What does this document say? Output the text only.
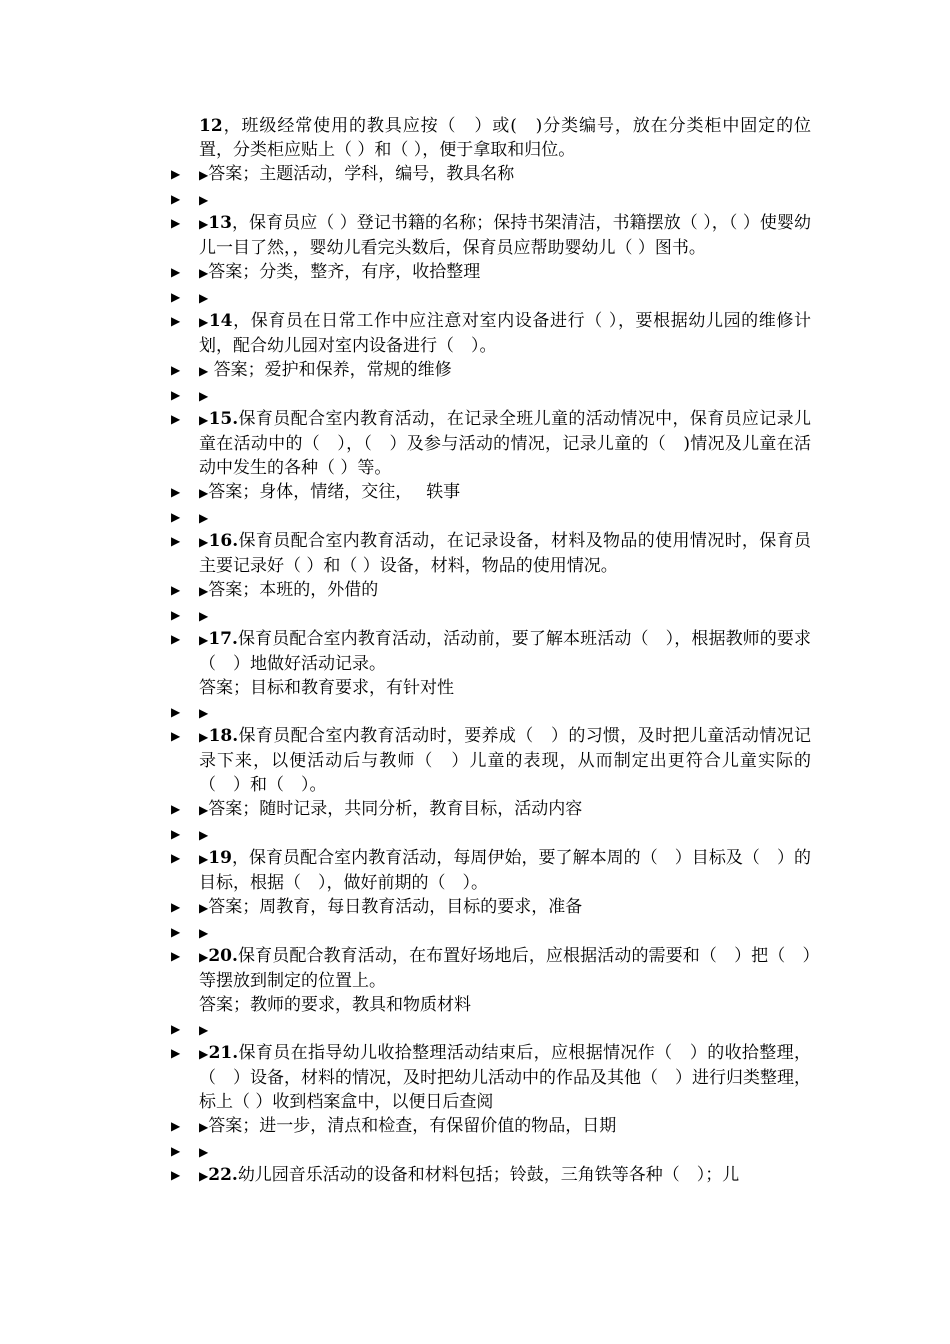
12，班级经常使用的教具应按（　）或(　)分类编号，放在分类柜中固定的位置，分类柜应贴上（ ）和（ ），便于拿取和归位。
▶	▶答案；主题活动，学科，编号，教具名称
▶	▶
▶	▶13，保育员应（ ）登记书籍的名称；保持书架清洁，书籍摆放（ ），（ ）使婴幼儿一目了然，，婴幼儿看完头数后，保育员应帮助婴幼儿（ ）图书。
▶	▶答案；分类，整齐，有序，收拾整理
▶	▶
▶	▶14，保育员在日常工作中应注意对室内设备进行（ ），要根据幼儿园的维修计划，配合幼儿园对室内设备进行（　）。
▶	▶ 答案；爱护和保养，常规的维修
▶	▶
▶	▶15.保育员配合室内教育活动，在记录全班儿童的活动情况中，保育员应记录儿童在活动中的（　），（　）及参与活动的情况，记录儿童的（　)情况及儿童在活动中发生的各种（ ）等。
▶	▶答案；身体，情绪，交往，　 轶事
▶	▶
▶	▶16.保育员配合室内教育活动，在记录设备，材料及物品的使用情况时，保育员主要记录好（ ）和（ ）设备，材料，物品的使用情况。
▶	▶答案；本班的，外借的
▶	▶
▶	▶17.保育员配合室内教育活动，活动前，要了解本班活动（　），根据教师的要求（　）地做好活动记录。
答案；目标和教育要求，有针对性
▶	▶
▶	▶18.保育员配合室内教育活动时，要养成（　）的习惯，及时把儿童活动情况记录下来，以便活动后与教师（　）儿童的表现，从而制定出更符合儿童实际的（　）和（　）。
▶	▶答案；随时记录，共同分析，教育目标，活动内容
▶	▶
▶	▶19，保育员配合室内教育活动，每周伊始，要了解本周的（　）目标及（　）的目标，根据（　），做好前期的（　）。
▶	▶答案；周教育，每日教育活动，目标的要求，准备
▶	▶
▶	▶20.保育员配合教育活动，在布置好场地后，应根据活动的需要和（　）把（　）等摆放到制定的位置上。
答案；教师的要求，教具和物质材料
▶	▶
▶	▶21.保育员在指导幼儿收拾整理活动结束后，应根据情况作（　）的收拾整理，（　）设备，材料的情况，及时把幼儿活动中的作品及其他（　）进行归类整理，标上（ ）收到档案盒中，以便日后查阅
▶	▶答案；进一步，清点和检查，有保留价值的物品，日期
▶	▶
▶	▶22.幼儿园音乐活动的设备和材料包括；铃鼓，三角铁等各种（　）；儿
